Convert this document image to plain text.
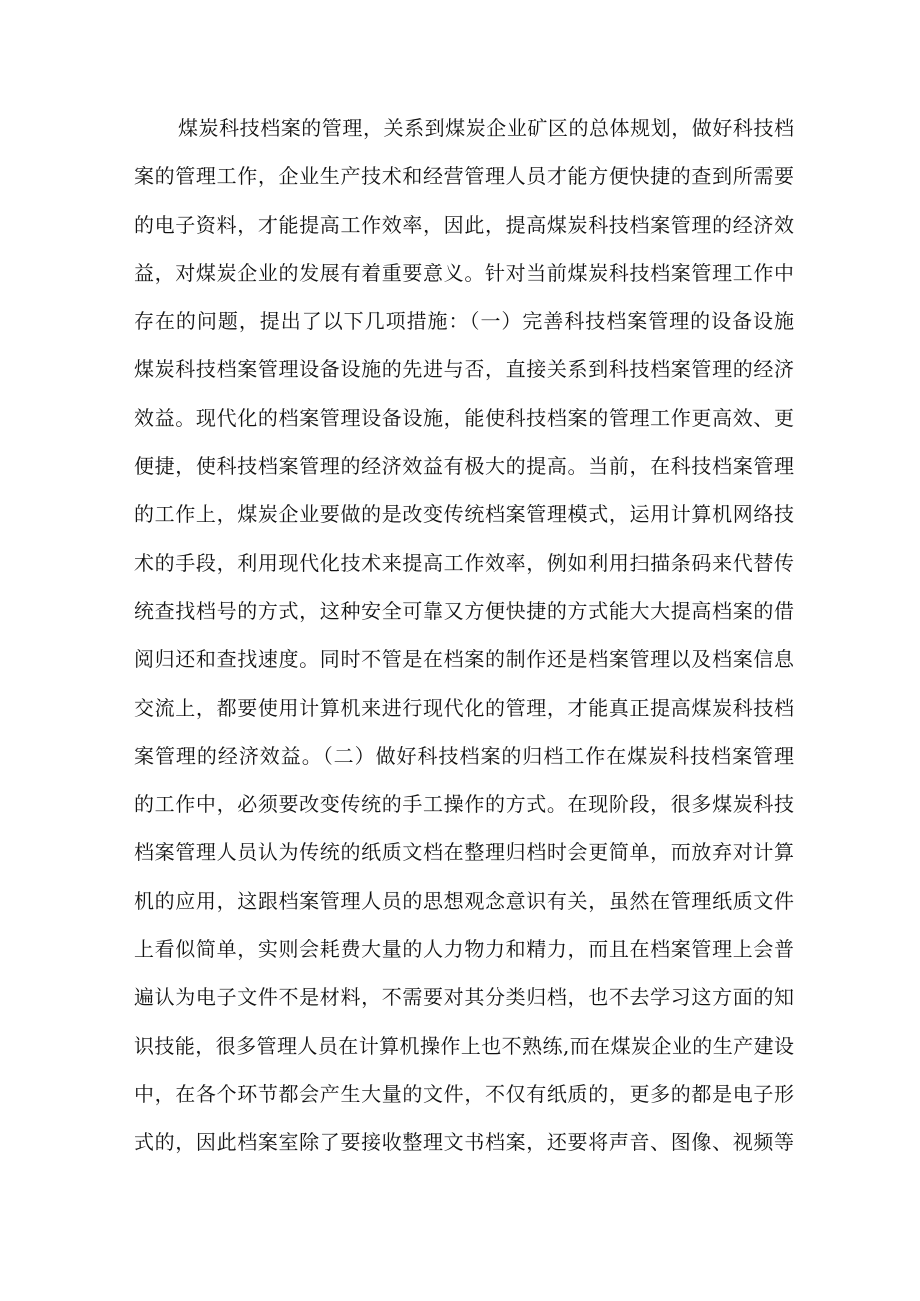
煤炭科技档案的管理，关系到煤炭企业矿区的总体规划，做好科技档
案的管理工作，企业生产技术和经营管理人员才能方便快捷的查到所需要
的电子资料，才能提高工作效率，因此，提高煤炭科技档案管理的经济效
益，对煤炭企业的发展有着重要意义。针对当前煤炭科技档案管理工作中
存在的问题，提出了以下几项措施：（一）完善科技档案管理的设备设施
煤炭科技档案管理设备设施的先进与否，直接关系到科技档案管理的经济
效益。现代化的档案管理设备设施，能使科技档案的管理工作更高效、更
便捷，使科技档案管理的经济效益有极大的提高。当前，在科技档案管理
的工作上，煤炭企业要做的是改变传统档案管理模式，运用计算机网络技
术的手段，利用现代化技术来提高工作效率，例如利用扫描条码来代替传
统查找档号的方式，这种安全可靠又方便快捷的方式能大大提高档案的借
阅归还和查找速度。同时不管是在档案的制作还是档案管理以及档案信息
交流上，都要使用计算机来进行现代化的管理，才能真正提高煤炭科技档
案管理的经济效益。（二）做好科技档案的归档工作在煤炭科技档案管理
的工作中，必须要改变传统的手工操作的方式。在现阶段，很多煤炭科技
档案管理人员认为传统的纸质文档在整理归档时会更简单，而放弃对计算
机的应用，这跟档案管理人员的思想观念意识有关，虽然在管理纸质文件
上看似简单，实则会耗费大量的人力物力和精力，而且在档案管理上会普
遍认为电子文件不是材料，不需要对其分类归档，也不去学习这方面的知
识技能，很多管理人员在计算机操作上也不熟练,而在煤炭企业的生产建设
中，在各个环节都会产生大量的文件，不仅有纸质的，更多的都是电子形
式的，因此档案室除了要接收整理文书档案，还要将声音、图像、视频等
